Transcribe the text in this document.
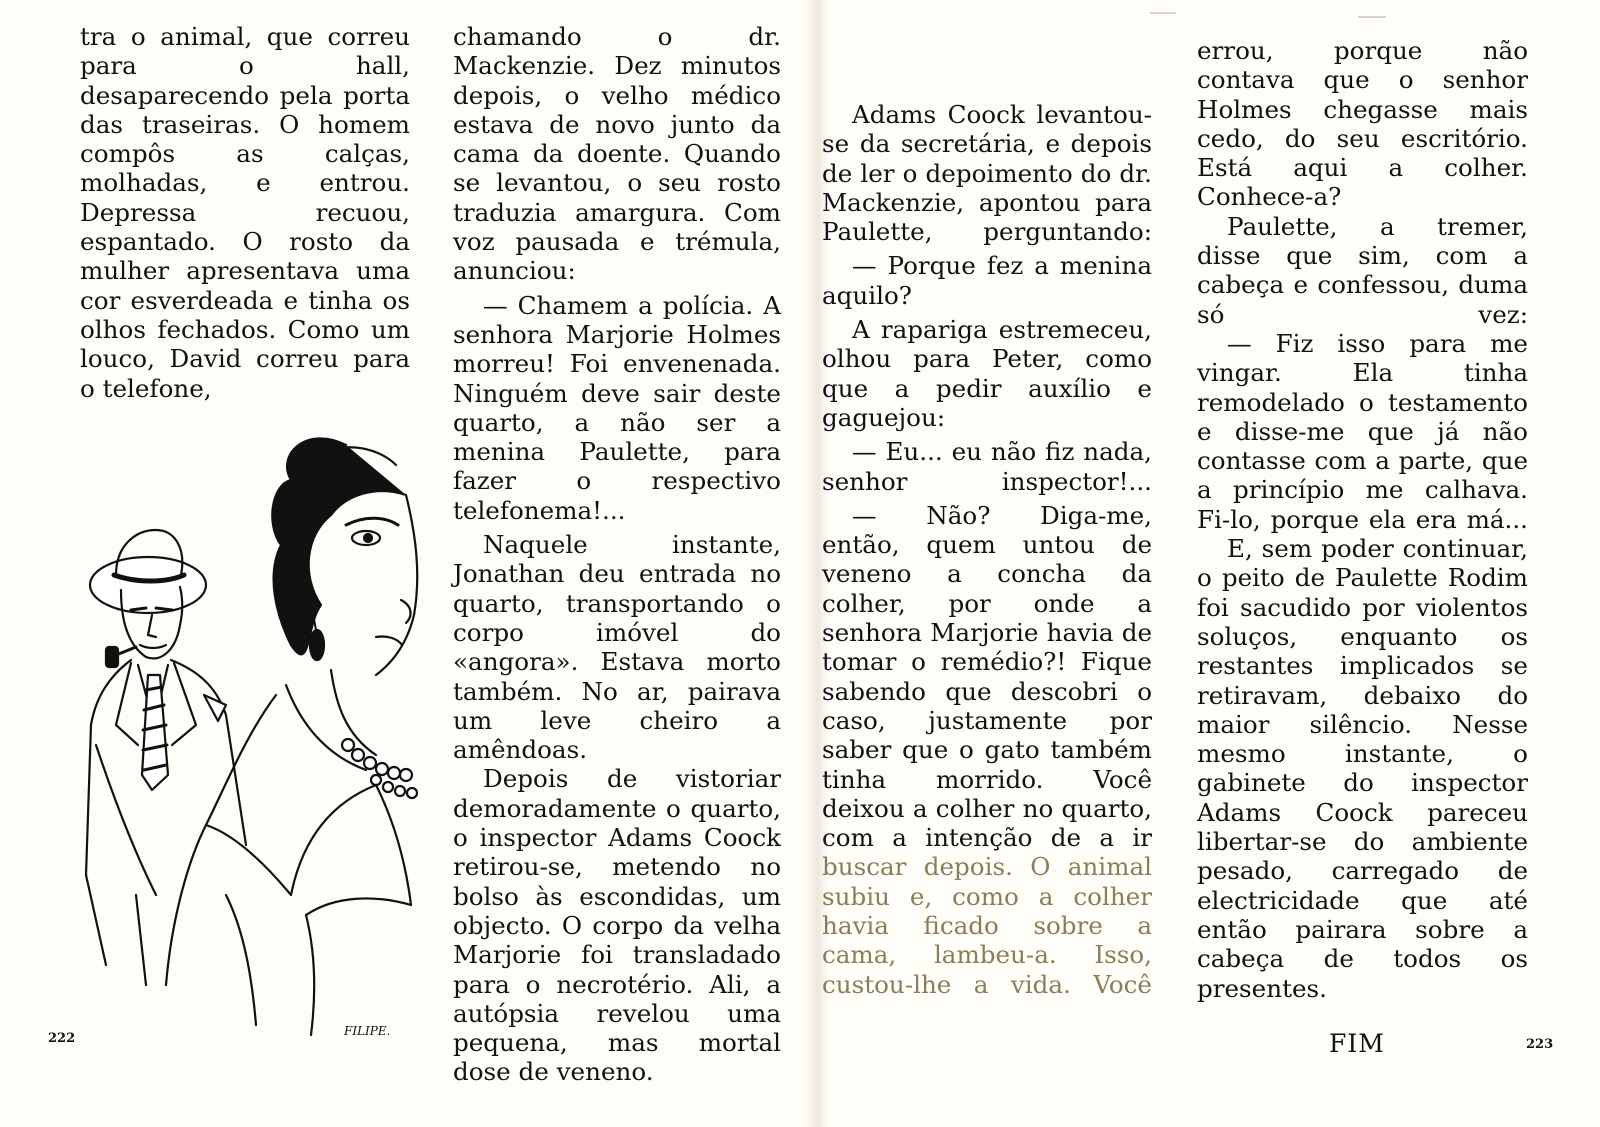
tra o animal, que correu para o hall, desaparecendo pela porta das traseiras. O homem compôs as calças, molhadas, e entrou. Depressa recuou, espantado. O rosto da mulher apresentava uma cor esverdeada e tinha os olhos fechados. Como um louco, David correu para o telefone,

FILIPE.

chamando o dr. Mackenzie. Dez minutos depois, o velho médico estava de novo junto da cama da doente. Quando se levantou, o seu rosto traduzia amargura. Com voz pausada e trémula, anunciou:

— Chamem a polícia. A senhora Marjorie Holmes morreu! Foi envenenada. Ninguém deve sair deste quarto, a não ser a menina Paulette, para fazer o respectivo telefonema!...

Naquele instante, Jonathan deu entrada no quarto, transportando o corpo imóvel do «angora». Estava morto também. No ar, pairava um leve cheiro a amêndoas.

Depois de vistoriar demoradamente o quarto, o inspector Adams Coock retirou-se, metendo no bolso às escondidas, um objecto. O corpo da velha Marjorie foi transladado para o necrotério. Ali, a autópsia revelou uma pequena, mas mortal dose de veneno.

222

Adams Coock levantou-se da secretária, e depois de ler o depoimento do dr. Mackenzie, apontou para Paulette, perguntando:

— Porque fez a menina aquilo?

A rapariga estremeceu, olhou para Peter, como que a pedir auxílio e gaguejou:

— Eu... eu não fiz nada, senhor inspector!...

— Não? Diga-me, então, quem untou de veneno a concha da colher, por onde a senhora Marjorie havia de tomar o remédio?! Fique sabendo que descobri o caso, justamente por saber que o gato também tinha morrido. Você deixou a colher no quarto, com a intenção de a ir buscar depois. O animal subiu e, como a colher havia ficado sobre a cama, lambeu-a. Isso, custou-lhe a vida. Você

errou, porque não contava que o senhor Holmes chegasse mais cedo, do seu escritório. Está aqui a colher. Conhece-a?

Paulette, a tremer, disse que sim, com a cabeça e confessou, duma só vez:

— Fiz isso para me vingar. Ela tinha remodelado o testamento e disse-me que já não contasse com a parte, que a princípio me calhava. Fi-lo, porque ela era má...

E, sem poder continuar, o peito de Paulette Rodim foi sacudido por violentos soluços, enquanto os restantes implicados se retiravam, debaixo do maior silêncio. Nesse mesmo instante, o gabinete do inspector Adams Coock pareceu libertar-se do ambiente pesado, carregado de electricidade que até então pairara sobre a cabeça de todos os presentes.

FIM	223
